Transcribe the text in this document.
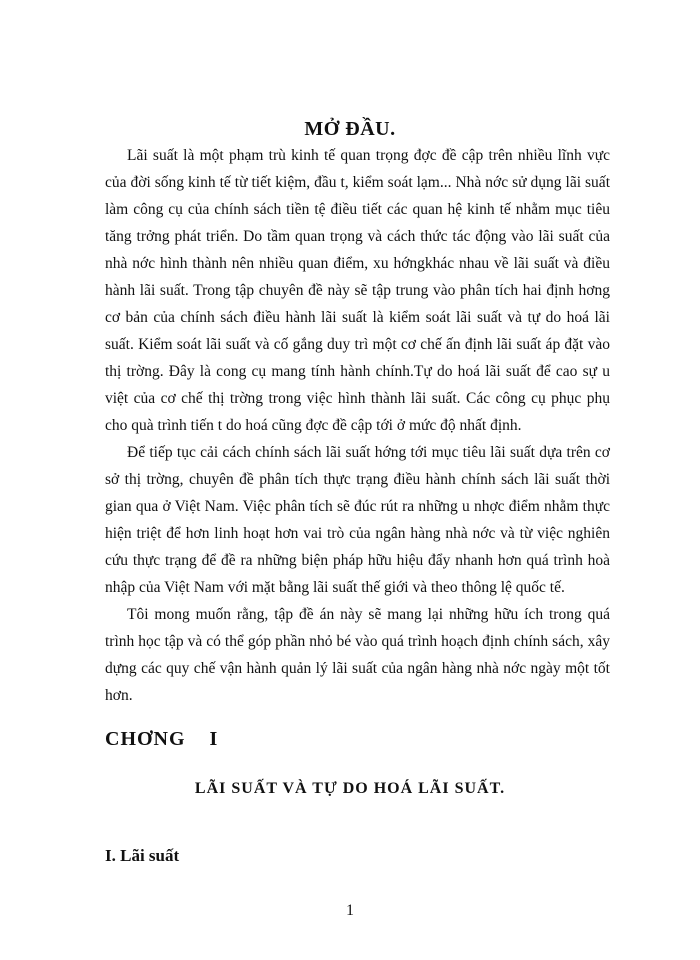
MỞ ĐẦU.

Lãi suất là một phạm trù kinh tế quan trọng đợc đề cập trên nhiều lĩnh vực của đời sống kinh tế từ tiết kiệm, đầu t, kiểm soát lạm... Nhà nớc sử dụng lãi suất làm công cụ của chính sách tiền tệ điều tiết các quan hệ kinh tế nhằm mục tiêu tăng trởng phát triển. Do tầm quan trọng và cách thức tác động vào lãi suất của nhà nớc hình thành nên nhiều quan điểm, xu hớngkhác nhau về lãi suất và điều hành lãi suất. Trong tập chuyên đề này sẽ tập trung vào phân tích hai định hơng cơ bản của chính sách điều hành lãi suất là kiểm soát lãi suất và tự do hoá lãi suất. Kiểm soát lãi suất và cố gắng duy trì một cơ chế ấn định lãi suất áp đặt vào thị trờng. Đây là cong cụ mang tính hành chính.Tự do hoá lãi suất để cao sự u việt của cơ chế thị trờng trong việc hình thành lãi suất. Các công cụ phục phụ cho quà trình tiến t do hoá cũng đợc đề cập tới ở mức độ nhất định.

Để tiếp tục cải cách chính sách lãi suất hớng tới mục tiêu lãi suất dựa trên cơ sở thị trờng, chuyên đề phân tích thực trạng điều hành chính sách lãi suất thời gian qua ở Việt Nam. Việc phân tích sẽ đúc rút ra những u nhợc điểm nhằm thực hiện triệt để hơn linh hoạt hơn vai trò của ngân hàng nhà nớc và từ việc nghiên cứu thực trạng để đề ra những biện pháp hữu hiệu đẩy nhanh hơn quá trình hoà nhập của Việt Nam với mặt bằng lãi suất thế giới và theo thông lệ quốc tế.

Tôi mong muốn rằng, tập đề án này sẽ mang lại những hữu ích trong quá trình học tập và có thể góp phần nhỏ bé vào quá trình hoạch định chính sách, xây dựng các quy chế vận hành quản lý lãi suất của ngân hàng nhà nớc ngày một tốt hơn.

CHƠNG    I
LÃI SUẤT VÀ TỰ DO HOÁ LÃI SUẤT.
I. Lãi suất
1
